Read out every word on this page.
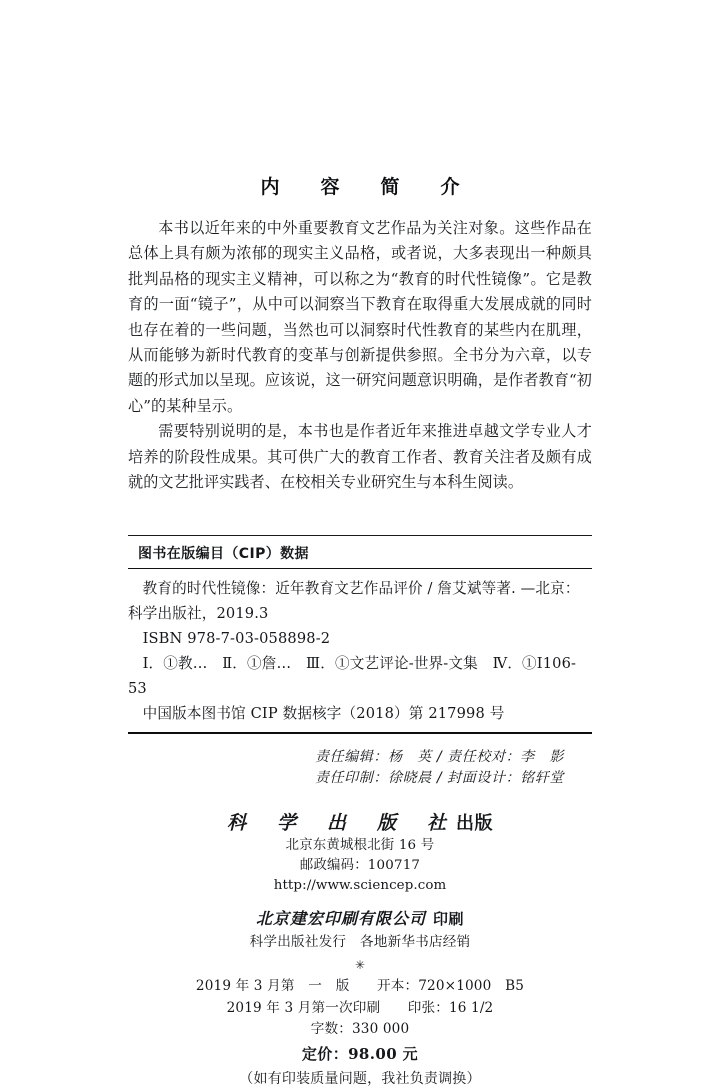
内　容　简　介

本书以近年来的中外重要教育文艺作品为关注对象。这些作品在总体上具有颇为浓郁的现实主义品格，或者说，大多表现出一种颇具批判品格的现实主义精神，可以称之为“教育的时代性镜像”。它是教育的一面“镜子”，从中可以洞察当下教育在取得重大发展成就的同时也存在着的一些问题，当然也可以洞察时代性教育的某些内在肌理，从而能够为新时代教育的变革与创新提供参照。全书分为六章，以专题的形式加以呈现。应该说，这一研究问题意识明确，是作者教育“初心”的某种呈示。

需要特别说明的是，本书也是作者近年来推进卓越文学专业人才培养的阶段性成果。其可供广大的教育工作者、教育关注者及颇有成就的文艺批评实践者、在校相关专业研究生与本科生阅读。

图书在版编目（CIP）数据

教育的时代性镜像：近年教育文艺作品评价 / 詹艾斌等著. —北京：科学出版社，2019.3

ISBN 978-7-03-058898-2

Ⅰ．①教…　Ⅱ．①詹…　Ⅲ．①文艺评论-世界-文集　Ⅳ．①I106-53

中国版本图书馆 CIP 数据核字（2018）第 217998 号

责任编辑：杨　英 / 责任校对：李　影

责任印制：徐晓晨 / 封面设计：铭轩堂

科　学　出　版　社 出版
北京东黄城根北街 16 号
邮政编码：100717
http://www.sciencep.com
北京建宏印刷有限公司 印刷
科学出版社发行　各地新华书店经销
✳

2019 年 3 月第　一　版　　开本：720×1000　B5

2019 年 3 月第一次印刷　　印张：16 1/2

字数：330 000

定价：98.00 元

（如有印装质量问题，我社负责调换）
